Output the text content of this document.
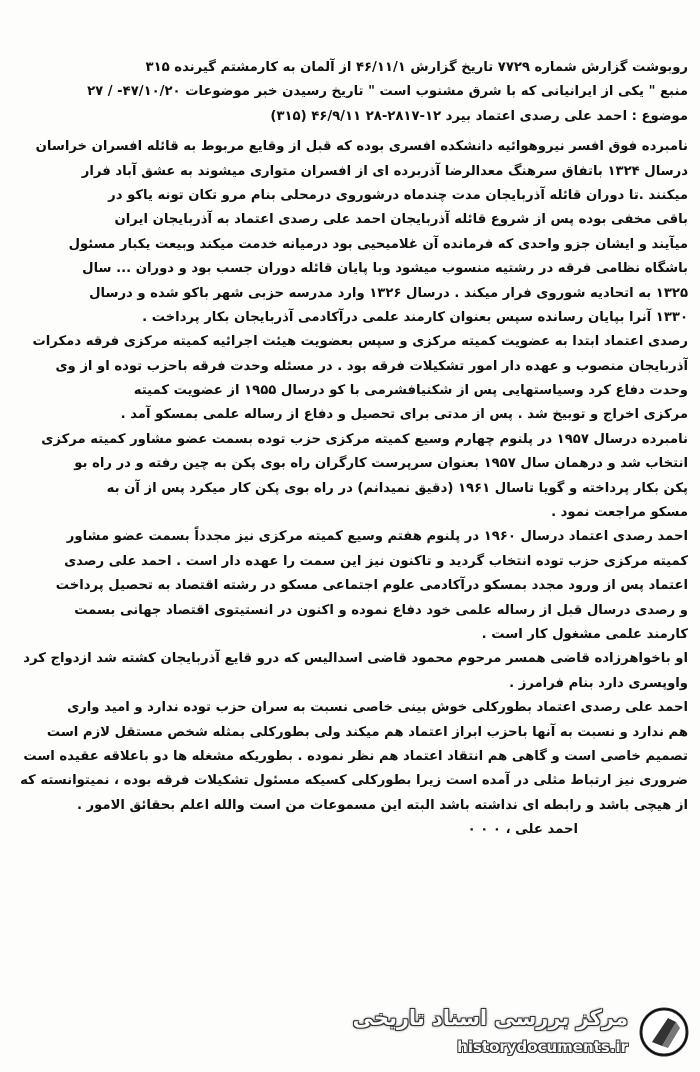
روبوشت گزارش شماره ۷۷۲۹ تاریخ گزارش ۴۶/۱۱/۱ از آلمان به کارمشتم گیرنده ۳۱۵
منبع " یکی از ایرانیانی که با شرق مشنوب است " تاریخ رسیدن خبر موضوعات ۴۷/۱۰/۲۰- / ۲۷
موضوع : احمد علی رصدی اعتماد بیرد ۱۲-۲۸۱۷-۲۸ ۴۶/۹/۱۱ (۳۱۵)
نامبرده فوق افسر نیروهوائیه دانشکده افسری بوده که قبل از وقایع مربوط به قائله افسران خراسان
درسال ۱۳۲۴ باتفاق سرهنگ معدالرضا آذربرده ای از افسران متواری میشوند به عشق آباد فرار
میکنند .تا دوران قائله آذربایجان مدت چندماه درشوروی درمحلی بنام مرو تکان تونه یاکو در
باقی مخفی بوده پس از شروع قائله آذربایجان احمد علی رصدی اعتماد به آذربایجان ایران
میآیند و ایشان جزو واحدی که فرمانده آن غلامیحیی بود درمیانه خدمت میکند وبیعت یکبار مسئول
باشگاه نظامی فرقه در رشتیه منسوب میشود وبا پایان قائله دوران جسب بود و دوران ... سال
۱۳۲۵ به اتحادیه شوروی فرار میکند . درسال ۱۳۲۶ وارد مدرسه حزبی شهر باکو شده و درسال
۱۳۳۰ آنرا بپایان رسانده سپس بعنوان کارمند علمی درآکادمی آذربایجان بکار پرداخت .
رصدی اعتماد ابتدا به عضویت کمیته مرکزی و سپس بعضویت هیئت اجرائیه کمیته مرکزی فرقه دمکرات
آذربایجان منصوب و عهده دار امور تشکیلات فرقه بود . در مسئله وحدت فرقه باحزب توده او از وی
وحدت دفاع کرد وسیاستهایی پس از شکنیافشرمی با کو درسال ۱۹۵۵ از عضویت کمیته
مرکزی اخراج و توبیخ شد . پس از مدتی برای تحصیل و دفاع از رساله علمی بمسکو آمد .
نامبرده درسال ۱۹۵۷ در پلنوم چهارم وسیع کمیته مرکزی حزب توده بسمت عضو مشاور کمیته مرکزی
انتخاب شد و درهمان سال ۱۹۵۷ بعنوان سرپرست کارگران راه بوی پکن به چین رفته و در راه بو
پکن بکار پرداخته و گویا تاسال ۱۹۶۱ (دقیق نمیدانم) در راه بوی پکن کار میکرد پس از آن به
مسکو مراجعت نمود .
احمد رصدی اعتماد درسال ۱۹۶۰ در پلنوم هفتم وسیع کمیته مرکزی نیز مجدداً بسمت عضو مشاور
کمیته مرکزی حزب توده انتخاب گردید و تاکنون نیز این سمت را عهده دار است . احمد علی رصدی
اعتماد پس از ورود مجدد بمسکو درآکادمی علوم اجتماعی مسکو در رشته اقتصاد به تحصیل پرداخت
و رصدی درسال قبل از رساله علمی خود دفاع نموده و اکنون در انستیتوی اقتصاد جهانی بسمت
کارمند علمی مشغول کار است .
او باخواهرزاده قاضی همسر مرحوم محمود قاضی اسدالیس که درو قایع آذربایجان کشته شد ازدواج کرد
واوپسری دارد بنام فرامرز .
احمد علی رصدی اعتماد بطورکلی خوش بینی خاصی نسبت به سران حزب توده ندارد و امید واری
هم ندارد و نسبت به آنها باحزب ابراز اعتماد هم میکند ولی بطورکلی بمثله شخص مستقل لازم است
تصمیم خاصی است و گاهی هم انتقاد اعتماد هم نظر نموده . بطوریکه مشغله ها دو باعلاقه عقیده است
ضروری نیز ارتباط مثلی در آمده است زیرا بطورکلی کسیکه مسئول تشکیلات فرقه بوده ، نمیتوانسته که
از هیچی باشد و رابطه ای نداشته باشد البته این مسموعات من است والله اعلم بحقائق الامور .
احمد علی ، ۰ ۰ ۰
مرکز بررسی اسناد تاریخی
historydocuments.ir
